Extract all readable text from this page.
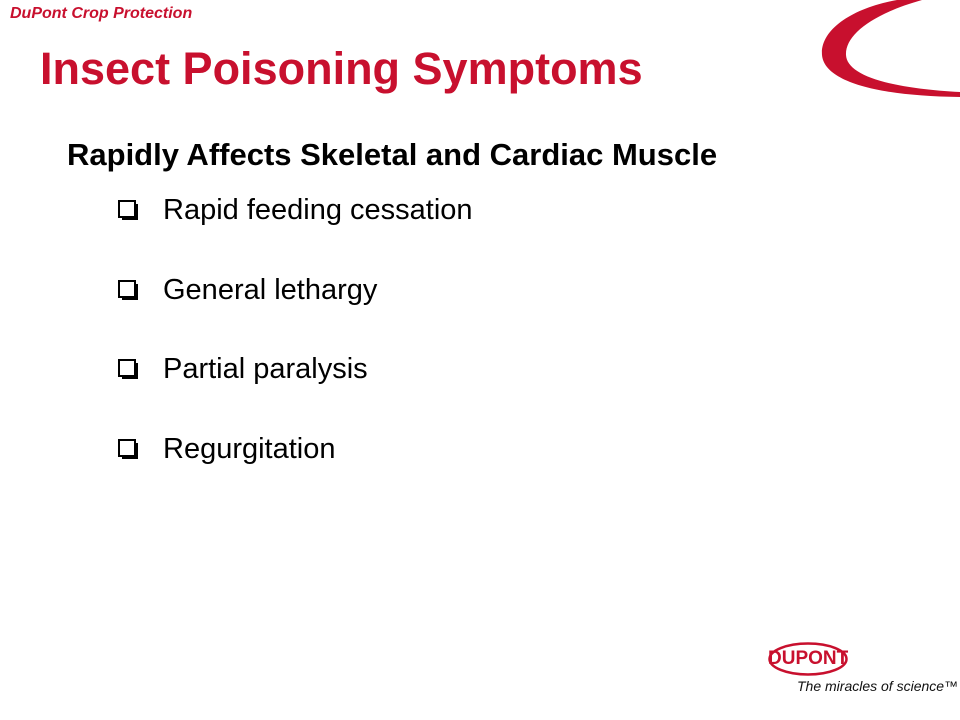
DuPont Crop Protection
Insect Poisoning Symptoms
Rapidly Affects Skeletal and Cardiac Muscle
Rapid feeding cessation
General lethargy
Partial paralysis
Regurgitation
DUPONT
The miracles of science™
